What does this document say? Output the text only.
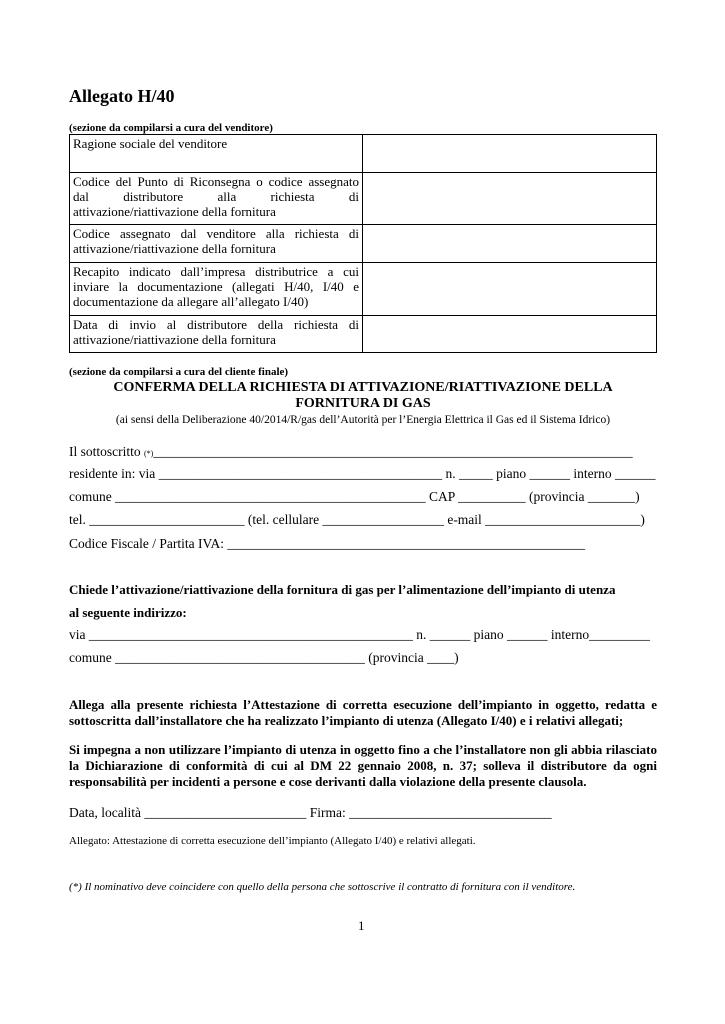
Allegato H/40
(sezione da compilarsi a cura del venditore)
Ragione sociale del venditore	

Codice del Punto di Riconsegna o codice assegnato
dal distributore alla richiesta di
attivazione/riattivazione della fornitura	

Codice assegnato dal venditore alla richiesta di
attivazione/riattivazione della fornitura	

Recapito indicato dall’impresa distributrice a cui
inviare la documentazione (allegati H/40, I/40 e
documentazione da allegare all’allegato I/40)	

Data di invio al distributore della richiesta di
attivazione/riattivazione della fornitura	
(sezione da compilarsi a cura del cliente finale)
CONFERMA DELLA RICHIESTA DI ATTIVAZIONE/RIATTIVAZIONE DELLA
FORNITURA DI GAS
(ai sensi della Deliberazione 40/2014/R/gas dell’Autorità per l’Energia Elettrica il Gas ed il Sistema Idrico)
Il sottoscritto (*)_______________________________________________________________________
residente in: via __________________________________________ n. _____ piano ______ interno ______
comune ______________________________________________ CAP __________ (provincia _______)
tel. _______________________ (tel. cellulare __________________ e-mail _______________________)
Codice Fiscale / Partita IVA: _____________________________________________________
Chiede l’attivazione/riattivazione della fornitura di gas per l’alimentazione dell’impianto di utenza
al seguente indirizzo:
via ________________________________________________ n. ______ piano ______ interno_________
comune _____________________________________ (provincia ____)
Allega alla presente richiesta l’Attestazione di corretta esecuzione dell’impianto in oggetto, redatta e sottoscritta dall’installatore che ha realizzato l’impianto di utenza (Allegato I/40) e i relativi allegati;
Si impegna a non utilizzare l’impianto di utenza in oggetto fino a che l’installatore non gli abbia rilasciato la Dichiarazione di conformità di cui al DM 22 gennaio 2008, n. 37; solleva il distributore da ogni responsabilità per incidenti a persone e cose derivanti dalla violazione della presente clausola.
Data, località ________________________ Firma: ______________________________
Allegato: Attestazione di corretta esecuzione dell’impianto (Allegato I/40) e relativi allegati.
(*) Il nominativo deve coincidere con quello della persona che sottoscrive il contratto di fornitura con il venditore.
1
